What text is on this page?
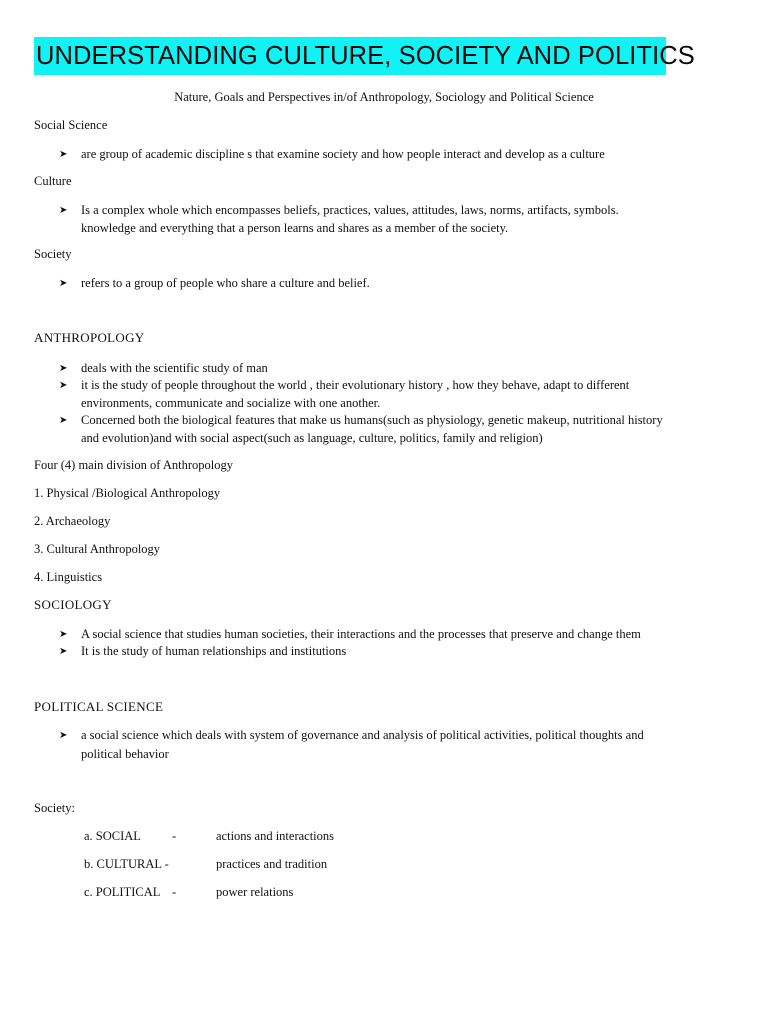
UNDERSTANDING CULTURE, SOCIETY AND POLITICS
Nature, Goals and Perspectives in/of Anthropology, Sociology and Political Science
Social Science
➤ are group of academic discipline s that examine society and how people interact and develop as a culture
Culture
➤ Is a complex whole which encompasses beliefs, practices, values, attitudes, laws, norms, artifacts, symbols.
knowledge and everything that a person learns and shares as a member of the society.
Society
➤ refers to a group of people who share a culture and belief.
ANTHROPOLOGY
➤ deals with the scientific study of man
➤ it is the study of people throughout the world , their evolutionary history , how they behave, adapt to different
environments, communicate and socialize with one another.
➤ Concerned both the biological features that make us humans(such as physiology, genetic makeup, nutritional history
and evolution)and with social aspect(such as language, culture, politics, family and religion)
Four (4) main division of Anthropology
1. Physical /Biological Anthropology
2. Archaeology
3. Cultural Anthropology
4. Linguistics
SOCIOLOGY
➤ A social science that studies human societies, their interactions and the processes that preserve and change them
➤ It is the study of human relationships and institutions
POLITICAL SCIENCE
➤ a social science which deals with system of governance and analysis of political activities, political thoughts and
political behavior
Society:
a. SOCIAL -	actions and interactions
b. CULTURAL -	practices and tradition
c. POLITICAL -	power relations
